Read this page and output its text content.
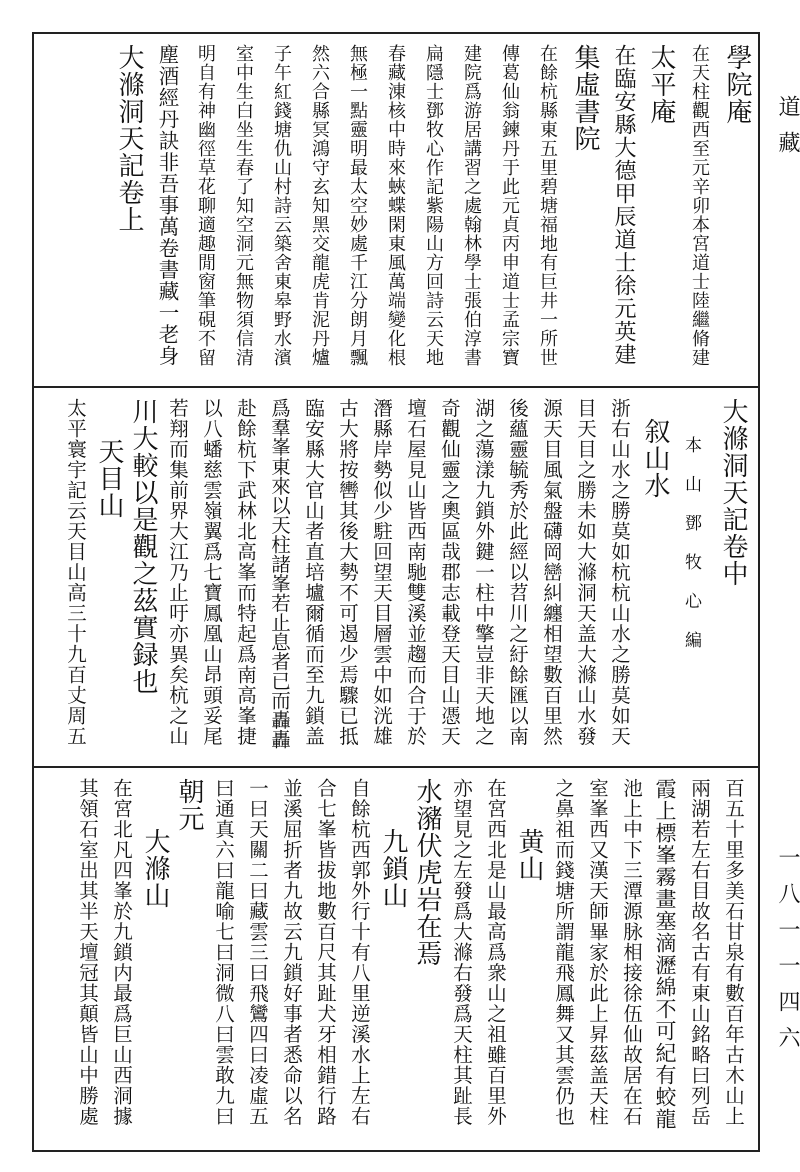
道藏
一八一一四六
學院庵
在天柱觀西至元辛卯本宮道士陸繼脩建
太平庵
在臨安縣大德甲辰道士徐元英建
集虛書院
在餘杭縣東五里碧塘福地有巨井一所世
傳葛仙翁鍊丹于此元貞丙申道士孟宗寶
建院爲游居講習之處翰林學士張伯淳書
扁隱士鄧牧心作記紫陽山方回詩云天地
春藏涷核中時來蛺蝶閑東風萬端變化根
無極一點靈明最太空妙處千江分朗月飄
然六合縣冥鴻守玄知黑交龍虎肯泥丹爐
子午紅錢塘仇山村詩云築舍東皋野水濱
室中生白坐生春了知空洞元無物須信清
明自有神幽徑草花聊適趣閒窗筆硯不留
塵酒經丹訣非吾事萬卷書藏一老身
大滌洞天記卷上
大滌洞天記卷中
本山鄧牧心編
叙山水
浙右山水之勝莫如杭杭山水之勝莫如天
目天目之勝未如大滌洞天盖大滌山水發
源天目風氣盤礴岡巒糾纏相望數百里然
後蘊靈毓秀於此經以苕川之紆餘匯以南
湖之蕩漾九鎖外鍵一柱中擎豈非天地之
奇觀仙靈之奧區哉郡志載登天目山憑天
壇石屋見山皆西南馳雙溪並趨而合于於
潛縣岸勢似少駐回望天目層雲中如洸雄
古大將按轡其後大勢不可遏少焉驟已抵
臨安縣大官山者直培壚爾循而至九鎖盖
爲羣峯東來以天柱諸峯若止息者已而轟轟
赴餘杭下武林北高峯而特起爲南高峯捷
以八蟠慈雲嶺翼爲七寶鳳凰山昂頭妥尾
若翔而集前界大江乃止吁亦異矣杭之山
川大較以是觀之茲實録也
天目山
太平寰宇記云天目山高三十九百丈周五
百五十里多美石甘泉有數百年古木山上
兩湖若左右目故名古有東山銘略曰列岳
霞上標峯霧畫塞滴瀝綿不可紀有蛟龍
池上中下三潭源脉相接徐伍仙故居在石
室峯西又漢天師畢家於此上昇茲盖天柱
之鼻祖而錢塘所謂龍飛鳳舞又其雲仍也
黄山
在宮西北是山最高爲衆山之祖雖百里外
亦望見之左發爲大滌右發爲天柱其趾長
水瀦伏虎岩在焉
九鎖山
自餘杭西郭外行十有八里逆溪水上左右
合七峯皆拔地數百尺其趾犬牙相錯行路
並溪屈折者九故云九鎖好事者悉命以名
一曰天關二曰藏雲三曰飛鸞四曰凌虛五
曰通真六曰龍喻七曰洞微八曰雲敢九曰
朝元
大滌山
在宮北凡四峯於九鎖内最爲巨山西洞據
其領石室出其半天壇冠其顛皆山中勝處
